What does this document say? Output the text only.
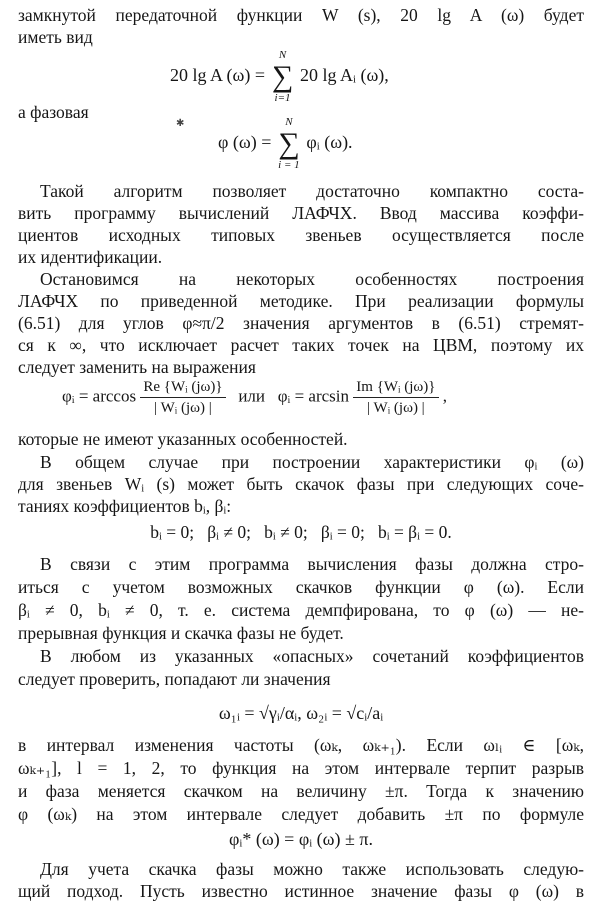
замкнутой передаточной функции W (s), 20 lg A (ω) будет
иметь вид
20 lg A (ω) =
N
∑
i=1
20 lg Aᵢ (ω),
а фазовая
✱
φ (ω) =
N
∑
i = 1
φᵢ (ω).
Такой алгоритм позволяет достаточно компактно соста-
вить программу вычислений ЛАФЧХ. Ввод массива коэффи-
циентов исходных типовых звеньев осуществляется после
их идентификации.
Остановимся на некоторых особенностях построения
ЛАФЧХ по приведенной методике. При реализации формулы
(6.51) для углов φ≈π/2 значения аргументов в (6.51) стремят-
ся к ∞, что исключает расчет таких точек на ЦВМ, поэтому их
следует заменить на выражения
φᵢ = $\arccos \frac{\text{Re \{Wᵢ (jω)\}}}{\text{| Wᵢ (jω) |}}$ или φᵢ = $\arcsin \frac{\text{Im \{Wᵢ (jω)\}}}{\text{| Wᵢ (jω) |}}$ ,
которые не имеют указанных особенностей.
В общем случае при построении характеристики φᵢ (ω)
для звеньев Wᵢ (s) может быть скачок фазы при следующих соче-
таниях коэффициентов bᵢ, βᵢ:
bᵢ = 0;   βᵢ ≠ 0;   bᵢ ≠ 0;   βᵢ = 0;   bᵢ = βᵢ = 0.
В связи с этим программа вычисления фазы должна стро-
иться с учетом возможных скачков функции φ (ω). Если
βᵢ ≠ 0, bᵢ ≠ 0, т. е. система демпфирована, то φ (ω) — не-
прерывная функция и скачка фазы не будет.
В любом из указанных «опасных» сочетаний коэффициентов
следует проверить, попадают ли значения
ω₁ᵢ = √γᵢ/αᵢ, ω₂ᵢ = √cᵢ/aᵢ
в интервал изменения частоты (ωₖ, ωₖ₊₁). Если ωₗᵢ ∈ [ωₖ,
ωₖ₊₁], l = 1, 2, то функция на этом интервале терпит разрыв
и фаза меняется скачком на величину ±π. Тогда к значению
φ (ωₖ) на этом интервале следует добавить ±π по формуле
φᵢ* (ω) = φᵢ (ω) ± π.
Для учета скачка фазы можно также использовать следую-
щий подход. Пусть известно истинное значение фазы φ (ω) в
